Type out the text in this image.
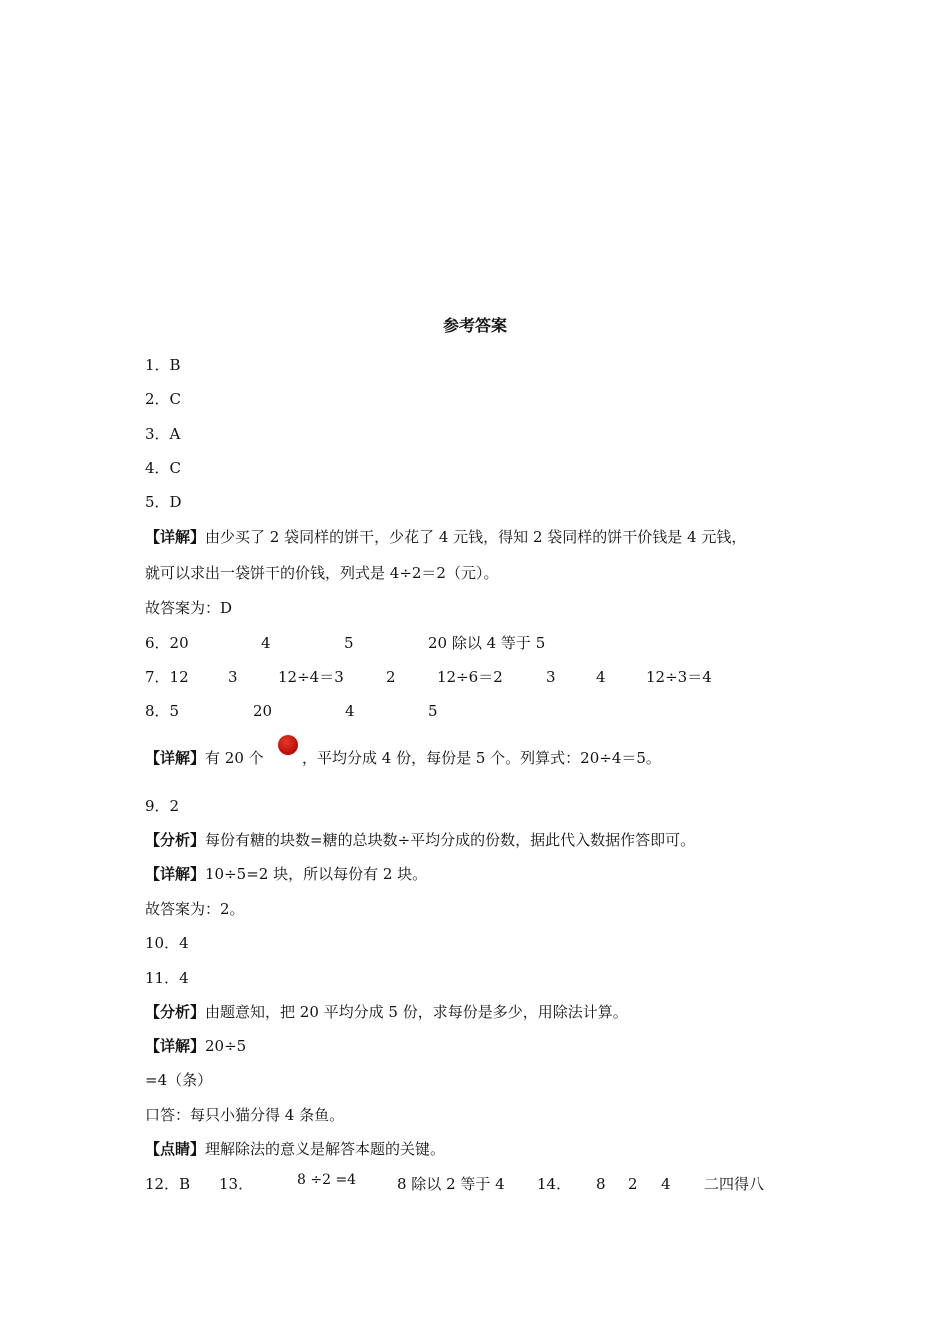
参考答案
1．B
2．C
3．A
4．C
5．D
【详解】由少买了 2 袋同样的饼干，少花了 4 元钱，得知 2 袋同样的饼干价钱是 4 元钱，
就可以求出一袋饼干的价钱，列式是 4÷2＝2（元）。
故答案为：D
6．20	4	5	20 除以 4 等于 5
7．12	3	12÷4＝3	2	12÷6＝2	3	4	12÷3＝4
8．5	20	4	5
【详解】有 20 个	，平均分成 4 份，每份是 5 个。列算式：20÷4＝5。
9．2
【分析】每份有糖的块数=糖的总块数÷平均分成的份数，据此代入数据作答即可。
【详解】10÷5=2 块，所以每份有 2 块。
故答案为：2。
10．4
11．4
【分析】由题意知，把 20 平均分成 5 份，求每份是多少，用除法计算。
【详解】20÷5
=4（条）
口答：每只小猫分得 4 条鱼。
【点睛】理解除法的意义是解答本题的关键。
12．B 13．	8 ÷2 =4	8 除以 2 等于 4 14． 8 2 4 二四得八
